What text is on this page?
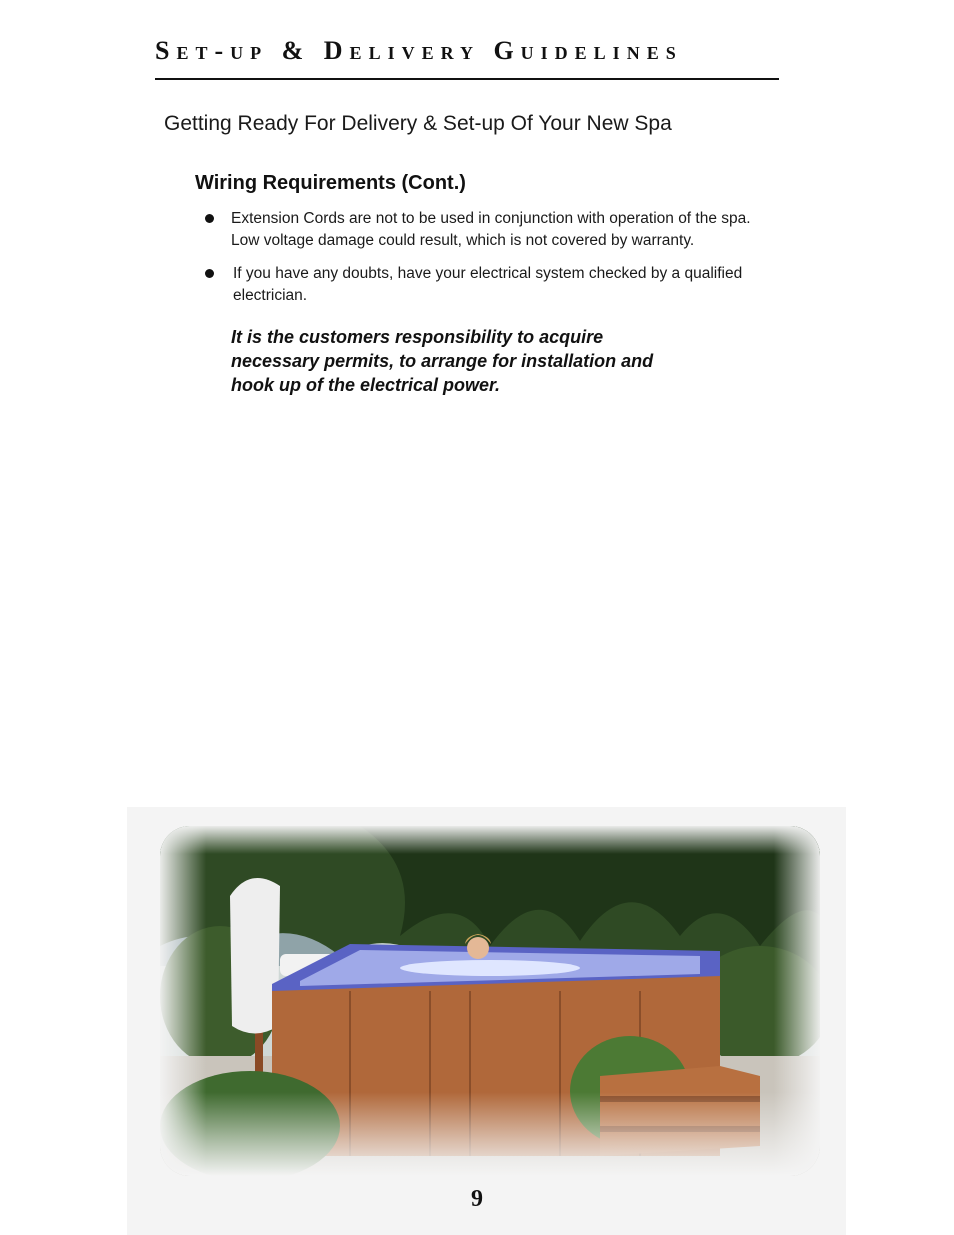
Set-up & Delivery Guidelines
Getting Ready For Delivery & Set-up Of Your New Spa
Wiring Requirements (Cont.)
Extension Cords are not to be used in conjunction with operation of the spa. Low voltage damage could result, which is not covered by warranty.
If you have any doubts, have your electrical system checked by a qualified electrician.
It is the customers responsibility to acquire necessary permits, to arrange for installation and hook up of the electrical power.
9
